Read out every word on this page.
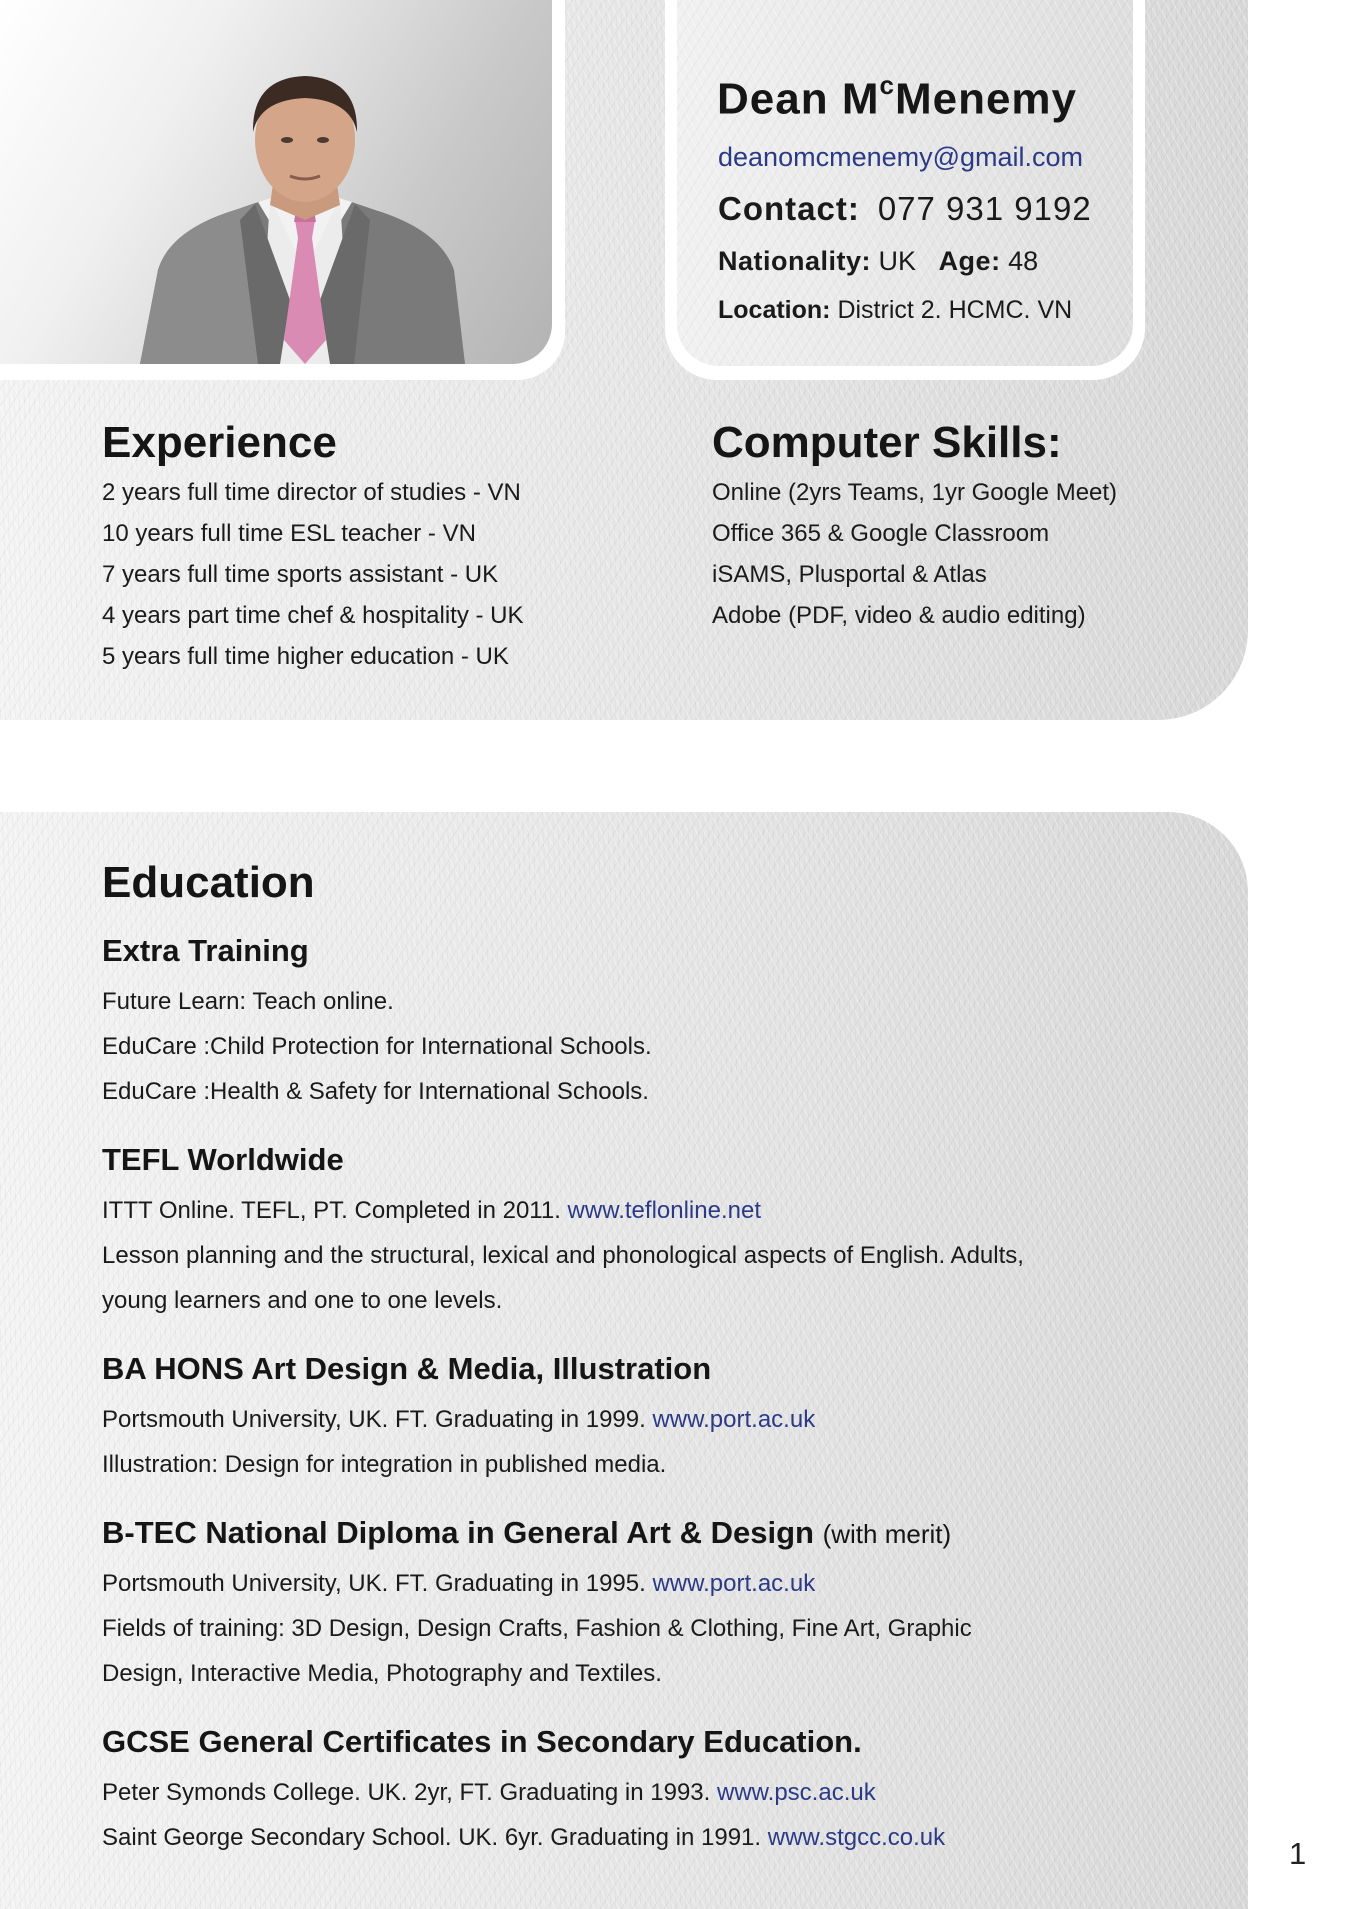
Dean $M^cMenemy$
deanomcmenemy@gmail.com
Contact: 077 931 9192
Nationality: UK Age: 48
Location: District 2. HCMC. VN
Experience
2 years full time director of studies - VN
10 years full time ESL teacher - VN
7 years full time sports assistant - UK
4 years part time chef & hospitality - UK
5 years full time higher education - UK
Computer Skills:
Online (2yrs Teams, 1yr Google Meet)
Office 365 & Google Classroom
iSAMS, Plusportal & Atlas
Adobe (PDF, video & audio editing)
Education
Extra Training
Future Learn: Teach online.
EduCare :Child Protection for International Schools.
EduCare :Health & Safety for International Schools.
TEFL Worldwide
ITTT Online. TEFL, PT. Completed in 2011. www.teflonline.net
Lesson planning and the structural, lexical and phonological aspects of English. Adults,
young learners and one to one levels.
BA HONS Art Design & Media, Illustration
Portsmouth University, UK. FT. Graduating in 1999. www.port.ac.uk
Illustration: Design for integration in published media.
B-TEC National Diploma in General Art & Design (with merit)
Portsmouth University, UK. FT. Graduating in 1995. www.port.ac.uk
Fields of training: 3D Design, Design Crafts, Fashion & Clothing, Fine Art, Graphic
Design, Interactive Media, Photography and Textiles.
GCSE General Certificates in Secondary Education.
Peter Symonds College. UK. 2yr, FT. Graduating in 1993. www.psc.ac.uk
Saint George Secondary School. UK. 6yr. Graduating in 1991. www.stgcc.co.uk	1
